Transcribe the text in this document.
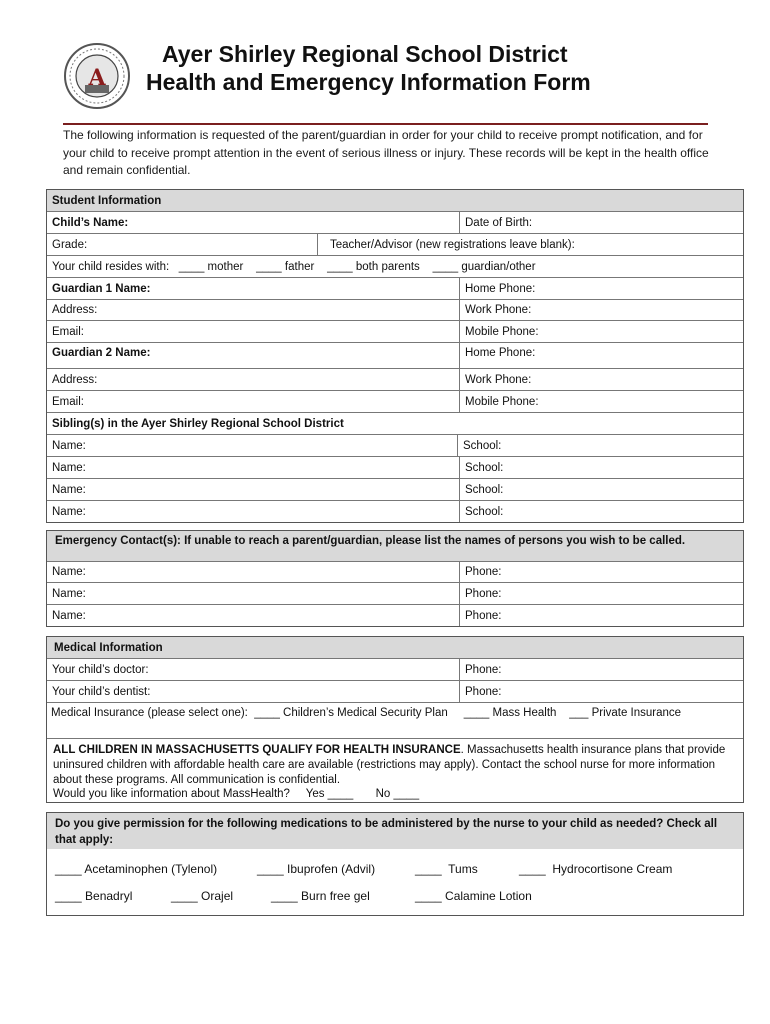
A
Ayer Shirley Regional School District
Health and Emergency Information Form
The following information is requested of the parent/guardian in order for your child to receive prompt notification, and for your child to receive prompt attention in the event of serious illness or injury. These records will be kept in the health office and remain confidential.
Student Information
Child’s Name:	Date of Birth:
Grade:	Teacher/Advisor (new registrations leave blank):
Your child resides with:   ____ mother    ____ father    ____ both parents    ____ guardian/other
Guardian 1 Name:	Home Phone:
Address:	Work Phone:
Email:	Mobile Phone:
Guardian 2 Name:	Home Phone:
Address:	Work Phone:
Email:	Mobile Phone:
Sibling(s) in the Ayer Shirley Regional School District
Name:	School:
Name:	School:
Name:	School:
Name:	School:
Emergency Contact(s): If unable to reach a parent/guardian, please list the names of persons you wish to be called.
Name:	Phone:
Name:	Phone:
Name:	Phone:
Medical Information
Your child’s doctor:	Phone:
Your child’s dentist:	Phone:
Medical Insurance (please select one):  ____ Children’s Medical Security Plan     ____ Mass Health    ___ Private Insurance
ALL CHILDREN IN MASSACHUSETTS QUALIFY FOR HEALTH INSURANCE. Massachusetts health insurance plans that provide uninsured children with affordable health care are available (restrictions may apply). Contact the school nurse for more information about these programs. All communication is confidential.
Would you like information about MassHealth?     Yes ____       No ____
Do you give permission for the following medications to be administered by the nurse to your child as needed? Check all that apply:
____ Acetaminophen (Tylenol)	____ Ibuprofen (Advil)	____  Tums	____  Hydrocortisone Cream
____ Benadryl	____ Orajel	____ Burn free gel	____ Calamine Lotion
